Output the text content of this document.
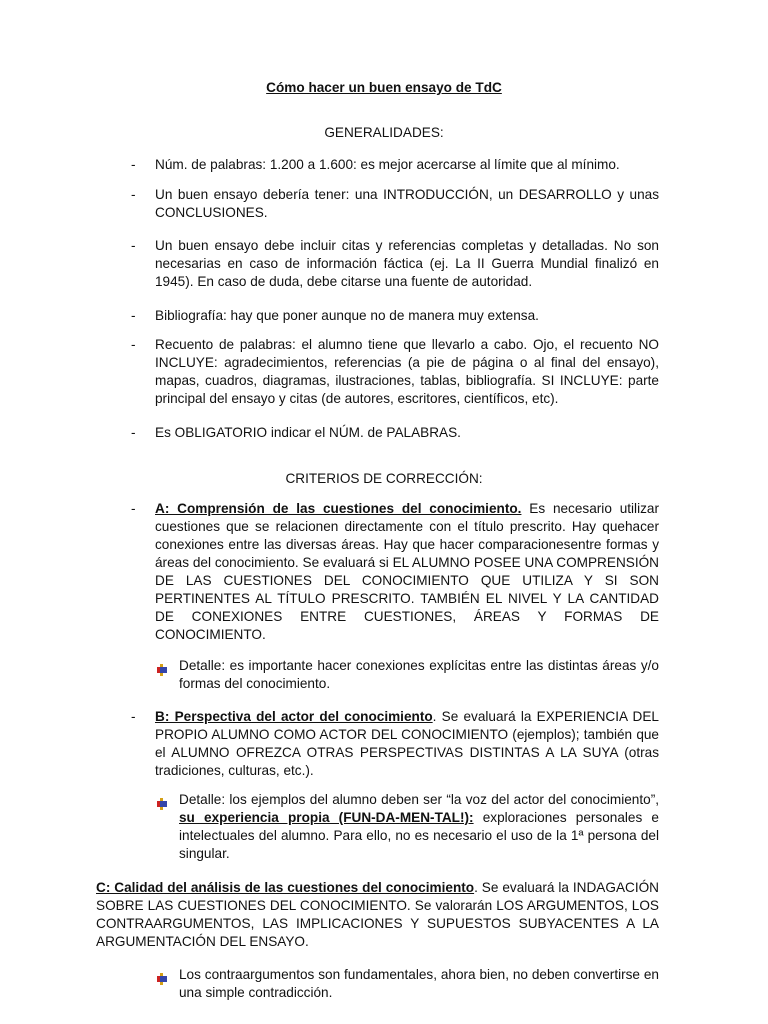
Cómo hacer un buen ensayo de TdC
GENERALIDADES:
- Núm. de palabras: 1.200 a 1.600: es mejor acercarse al límite que al mínimo.
- Un buen ensayo debería tener: una INTRODUCCIÓN, un DESARROLLO y unas CONCLUSIONES.
- Un buen ensayo debe incluir citas y referencias completas y detalladas. No son necesarias en caso de información fáctica (ej. La II Guerra Mundial finalizó en 1945). En caso de duda, debe citarse una fuente de autoridad.
- Bibliografía: hay que poner aunque no de manera muy extensa.
- Recuento de palabras: el alumno tiene que llevarlo a cabo. Ojo, el recuento NO INCLUYE: agradecimientos, referencias (a pie de página o al final del ensayo), mapas, cuadros, diagramas, ilustraciones, tablas, bibliografía. SI INCLUYE: parte principal del ensayo y citas (de autores, escritores, científicos, etc).
- Es OBLIGATORIO indicar el NÚM. de PALABRAS.
CRITERIOS DE CORRECCIÓN:
- A: Comprensión de las cuestiones del conocimiento. Es necesario utilizar cuestiones que se relacionen directamente con el título prescrito. Hay quehacer conexiones entre las diversas áreas. Hay que hacer comparacionesentre formas y áreas del conocimiento. Se evaluará si EL ALUMNO POSEE UNA COMPRENSIÓN DE LAS CUESTIONES DEL CONOCIMIENTO QUE UTILIZA Y SI SON PERTINENTES AL TÍTULO PRESCRITO. TAMBIÉN EL NIVEL Y LA CANTIDAD DE CONEXIONES ENTRE CUESTIONES, ÁREAS Y FORMAS DE CONOCIMIENTO.
Detalle: es importante hacer conexiones explícitas entre las distintas áreas y/o formas del conocimiento.
- B: Perspectiva del actor del conocimiento. Se evaluará la EXPERIENCIA DEL PROPIO ALUMNO COMO ACTOR DEL CONOCIMIENTO (ejemplos); también que el ALUMNO OFREZCA OTRAS PERSPECTIVAS DISTINTAS A LA SUYA (otras tradiciones, culturas, etc.).
Detalle: los ejemplos del alumno deben ser “la voz del actor del conocimiento”, su experiencia propia (FUN-DA-MEN-TAL!): exploraciones personales e intelectuales del alumno. Para ello, no es necesario el uso de la 1ª persona del singular.
C: Calidad del análisis de las cuestiones del conocimiento. Se evaluará la INDAGACIÓN SOBRE LAS CUESTIONES DEL CONOCIMIENTO. Se valorarán LOS ARGUMENTOS, LOS CONTRAARGUMENTOS, LAS IMPLICACIONES Y SUPUESTOS SUBYACENTES A LA ARGUMENTACIÓN DEL ENSAYO.
Los contraargumentos son fundamentales, ahora bien, no deben convertirse en una simple contradicción.
